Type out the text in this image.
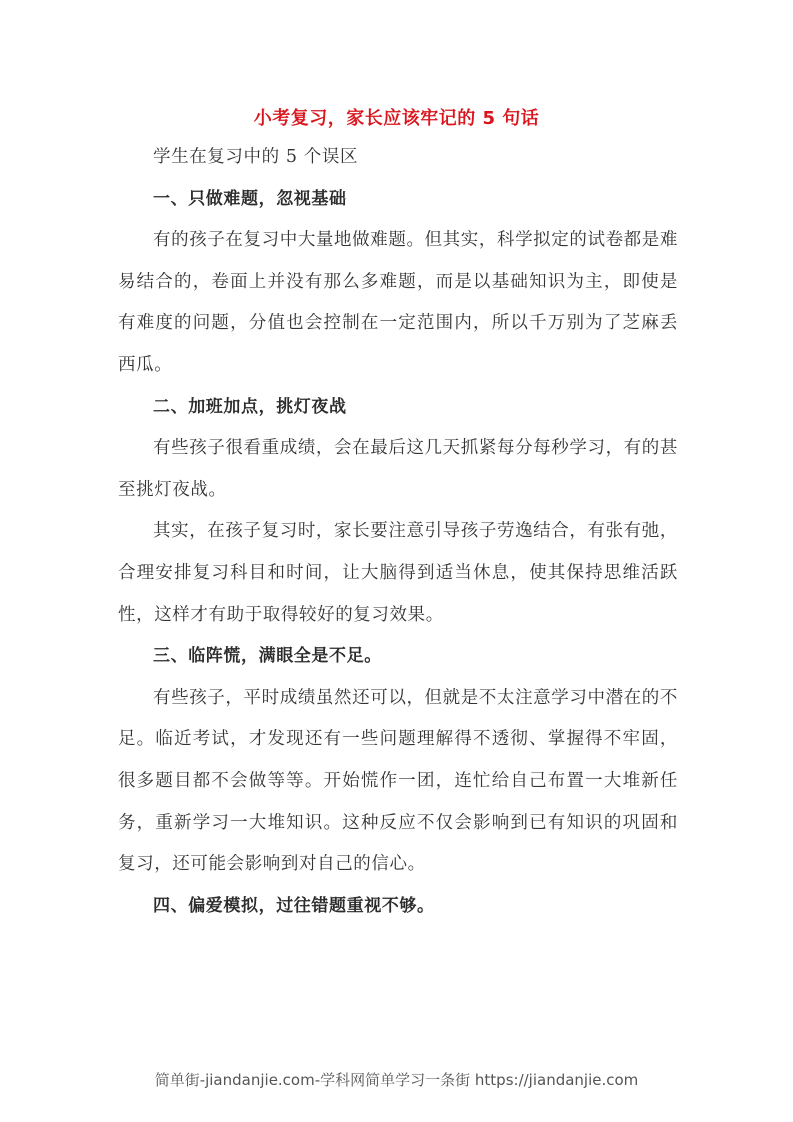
小考复习，家长应该牢记的 5 句话

学生在复习中的 5 个误区

一、只做难题，忽视基础

有的孩子在复习中大量地做难题。但其实，科学拟定的试卷都是难易结合的，卷面上并没有那么多难题，而是以基础知识为主，即使是有难度的问题，分值也会控制在一定范围内，所以千万别为了芝麻丢西瓜。

二、加班加点，挑灯夜战

有些孩子很看重成绩，会在最后这几天抓紧每分每秒学习，有的甚至挑灯夜战。

其实，在孩子复习时，家长要注意引导孩子劳逸结合，有张有弛，合理安排复习科目和时间，让大脑得到适当休息，使其保持思维活跃性，这样才有助于取得较好的复习效果。

三、临阵慌，满眼全是不足。

有些孩子，平时成绩虽然还可以，但就是不太注意学习中潜在的不足。临近考试，才发现还有一些问题理解得不透彻、掌握得不牢固，很多题目都不会做等等。开始慌作一团，连忙给自己布置一大堆新任务，重新学习一大堆知识。这种反应不仅会影响到已有知识的巩固和复习，还可能会影响到对自己的信心。

四、偏爱模拟，过往错题重视不够。

简单街-jiandanjie.com-学科网简单学习一条街 https://jiandanjie.com
